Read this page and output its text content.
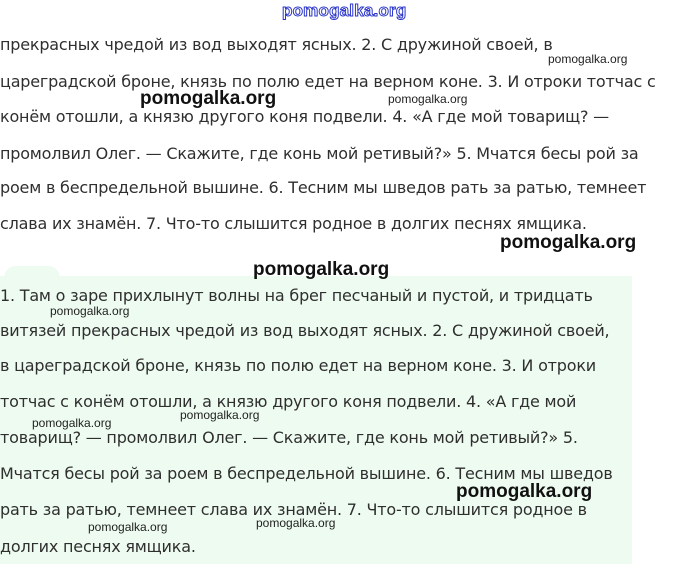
pomogalka.org
прекрасных чредой из вод выходят ясных. 2. С дружиной своей, в
цареградской броне, князь по полю едет на верном коне. 3. И отроки тотчас с
конём отошли, а князю другого коня подвели. 4. «А где мой товарищ? —
промолвил Олег. — Скажите, где конь мой ретивый?» 5. Мчатся бесы рой за
роем в беспредельной вышине. 6. Тесним мы шведов рать за ратью, темнеет
слава их знамён. 7. Что-то слышится родное в долгих песнях ямщика.
1. Там о заре прихлынут волны на брег песчаный и пустой, и тридцать
витязей прекрасных чредой из вод выходят ясных. 2. С дружиной своей,
в цареградской броне, князь по полю едет на верном коне. 3. И отроки
тотчас с конём отошли, а князю другого коня подвели. 4. «А где мой
товарищ? — промолвил Олег. — Скажите, где конь мой ретивый?» 5.
Мчатся бесы рой за роем в беспредельной вышине. 6. Тесним мы шведов
рать за ратью, темнеет слава их знамён. 7. Что-то слышится родное в
долгих песнях ямщика.
pomogalka.org
pomogalka.org	pomogalka.org
pomogalka.org
pomogalka.org
pomogalka.org
pomogalka.org
pomogalka.org
pomogalka.org
pomogalka.org
pomogalka.org
